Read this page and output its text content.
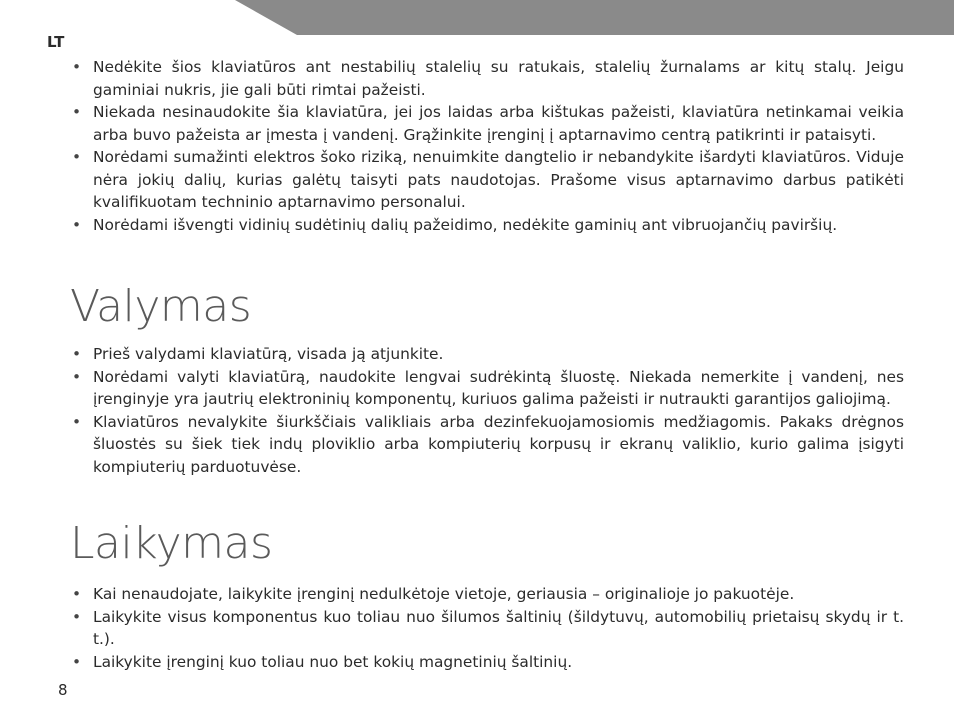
LT
• Nedėkite šios klaviatūros ant nestabilių stalelių su ratukais, stalelių žurnalams ar kitų stalų. Jeigu gaminiai nukris, jie gali būti rimtai pažeisti.
• Niekada nesinaudokite šia klaviatūra, jei jos laidas arba kištukas pažeisti, klaviatūra netinkamai veikia arba buvo pažeista ar įmesta į vandenį. Grąžinkite įrenginį į aptarnavimo centrą patikrinti ir pataisyti.
• Norėdami sumažinti elektros šoko riziką, nenuimkite dangtelio ir nebandykite išardyti klaviatūros. Viduje nėra jokių dalių, kurias galėtų taisyti pats naudotojas. Prašome visus aptarnavimo darbus patikėti kvalifikuotam techninio aptarnavimo personalui.
• Norėdami išvengti vidinių sudėtinių dalių pažeidimo, nedėkite gaminių ant vibruojančių paviršių.
Valymas
• Prieš valydami klaviatūrą, visada ją atjunkite.
• Norėdami valyti klaviatūrą, naudokite lengvai sudrėkintą šluostę. Niekada nemerkite į vandenį, nes įrenginyje yra jautrių elektroninių komponentų, kuriuos galima pažeisti ir nutraukti garantijos galiojimą.
• Klaviatūros nevalykite šiurkščiais valikliais arba dezinfekuojamosiomis medžiagomis. Pakaks drėgnos šluostės su šiek tiek indų ploviklio arba kompiuterių korpusų ir ekranų valiklio, kurio galima įsigyti kompiuterių parduotuvėse.
Laikymas
• Kai nenaudojate, laikykite įrenginį nedulkėtoje vietoje, geriausia – originalioje jo pakuotėje.
• Laikykite visus komponentus kuo toliau nuo šilumos šaltinių (šildytuvų, automobilių prietaisų skydų ir t. t.).
• Laikykite įrenginį kuo toliau nuo bet kokių magnetinių šaltinių.
8
